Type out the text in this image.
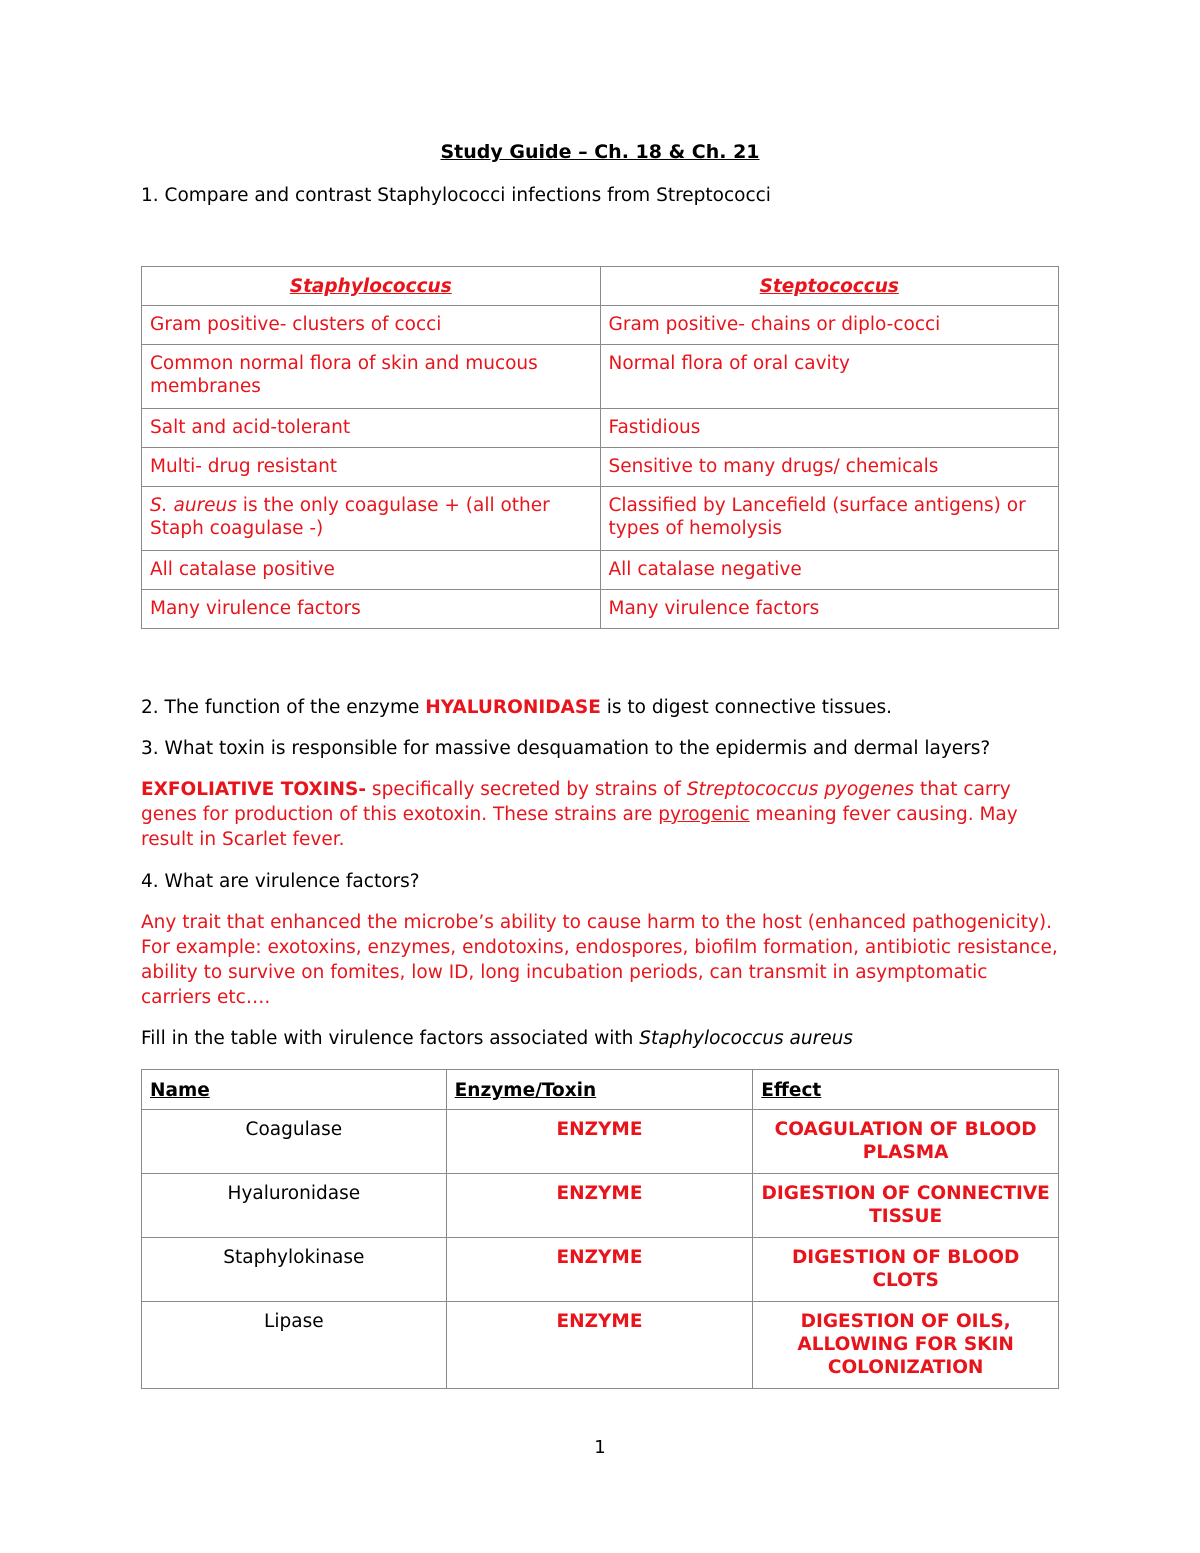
Study Guide – Ch. 18 & Ch. 21
1. Compare and contrast Staphylococci infections from Streptococci
Staphylococcus	Steptococcus
Gram positive- clusters of cocci	Gram positive- chains or diplo-cocci
Common normal flora of skin and mucous membranes	Normal flora of oral cavity
Salt and acid-tolerant	Fastidious
Multi- drug resistant	Sensitive to many drugs/ chemicals
S. aureus is the only coagulase + (all other Staph coagulase -)	Classified by Lancefield (surface antigens) or types of hemolysis
All catalase positive	All catalase negative
Many virulence factors	Many virulence factors
2. The function of the enzyme HYALURONIDASE is to digest connective tissues.
3. What toxin is responsible for massive desquamation to the epidermis and dermal layers?
EXFOLIATIVE TOXINS- specifically secreted by strains of Streptococcus pyogenes that carry genes for production of this exotoxin. These strains are pyrogenic meaning fever causing. May result in Scarlet fever.
4. What are virulence factors?
Any trait that enhanced the microbe’s ability to cause harm to the host (enhanced pathogenicity). For example: exotoxins, enzymes, endotoxins, endospores, biofilm formation, antibiotic resistance, ability to survive on fomites, low ID, long incubation periods, can transmit in asymptomatic carriers etc….
Fill in the table with virulence factors associated with Staphylococcus aureus
Name	Enzyme/Toxin	Effect
Coagulase	ENZYME	COAGULATION OF BLOOD PLASMA
Hyaluronidase	ENZYME	DIGESTION OF CONNECTIVE TISSUE
Staphylokinase	ENZYME	DIGESTION OF BLOOD CLOTS
Lipase	ENZYME	DIGESTION OF OILS, ALLOWING FOR SKIN COLONIZATION
1
